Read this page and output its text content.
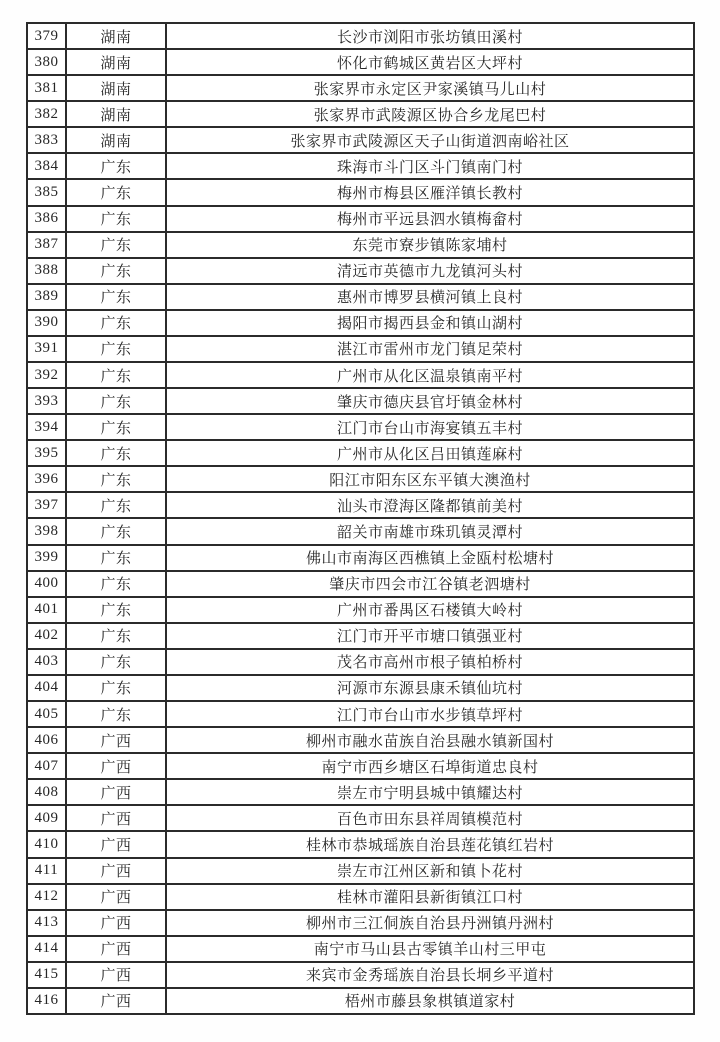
379	湖南	长沙市浏阳市张坊镇田溪村
380	湖南	怀化市鹤城区黄岩区大坪村
381	湖南	张家界市永定区尹家溪镇马儿山村
382	湖南	张家界市武陵源区协合乡龙尾巴村
383	湖南	张家界市武陵源区天子山街道泗南峪社区
384	广东	珠海市斗门区斗门镇南门村
385	广东	梅州市梅县区雁洋镇长教村
386	广东	梅州市平远县泗水镇梅畲村
387	广东	东莞市寮步镇陈家埔村
388	广东	清远市英德市九龙镇河头村
389	广东	惠州市博罗县横河镇上良村
390	广东	揭阳市揭西县金和镇山湖村
391	广东	湛江市雷州市龙门镇足荣村
392	广东	广州市从化区温泉镇南平村
393	广东	肇庆市德庆县官圩镇金林村
394	广东	江门市台山市海宴镇五丰村
395	广东	广州市从化区吕田镇莲麻村
396	广东	阳江市阳东区东平镇大澳渔村
397	广东	汕头市澄海区隆都镇前美村
398	广东	韶关市南雄市珠玑镇灵潭村
399	广东	佛山市南海区西樵镇上金瓯村松塘村
400	广东	肇庆市四会市江谷镇老泗塘村
401	广东	广州市番禺区石楼镇大岭村
402	广东	江门市开平市塘口镇强亚村
403	广东	茂名市高州市根子镇柏桥村
404	广东	河源市东源县康禾镇仙坑村
405	广东	江门市台山市水步镇草坪村
406	广西	柳州市融水苗族自治县融水镇新国村
407	广西	南宁市西乡塘区石埠街道忠良村
408	广西	崇左市宁明县城中镇耀达村
409	广西	百色市田东县祥周镇模范村
410	广西	桂林市恭城瑶族自治县莲花镇红岩村
411	广西	崇左市江州区新和镇卜花村
412	广西	桂林市灌阳县新街镇江口村
413	广西	柳州市三江侗族自治县丹洲镇丹洲村
414	广西	南宁市马山县古零镇羊山村三甲屯
415	广西	来宾市金秀瑶族自治县长垌乡平道村
416	广西	梧州市藤县象棋镇道家村
